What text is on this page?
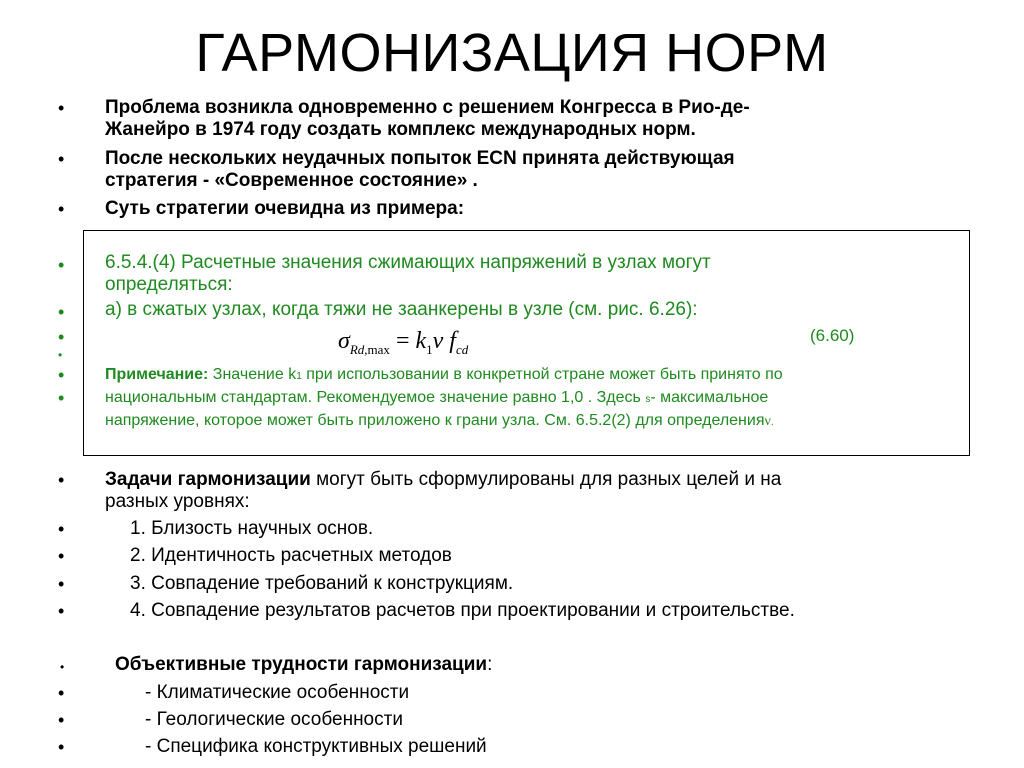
ГАРМОНИЗАЦИЯ НОРМ
• Проблема возникла одновременно с решением Конгресса в Рио-де-
Жанейро в 1974 году создать комплекс международных норм.
• После нескольких неудачных попыток ECN принята действующая
стратегия - «Современное состояние» .
• Суть стратегии очевидна из примера:
• 6.5.4.(4) Расчетные значения сжимающих напряжений в узлах могут
определяться:
• а) в сжатых узлах, когда тяжи не заанкерены в узле (см. рис. 6.26):
•
•
$\sigma_{Rd,max} = k_1\nu$ $f_{cd}$
(6.60)
•	Примечание: Значение k1 при использовании в конкретной стране может быть принято по
•	национальным стандартам. Рекомендуемое значение равно 1,0 . Здесь s- максимальное
напряжение, которое может быть приложено к грани узла. См. 6.5.2(2) для определенияν.
• Задачи гармонизации могут быть сформулированы для разных целей и на
разных уровнях:
•	1. Близость научных основ.
•	2. Идентичность расчетных методов
•	3. Совпадение требований к конструкциям.
•	4. Совпадение результатов расчетов при проектировании и строительстве.
•	Объективные трудности гармонизации:
•	- Климатические особенности
•	- Геологические особенности
•	- Специфика конструктивных решений
